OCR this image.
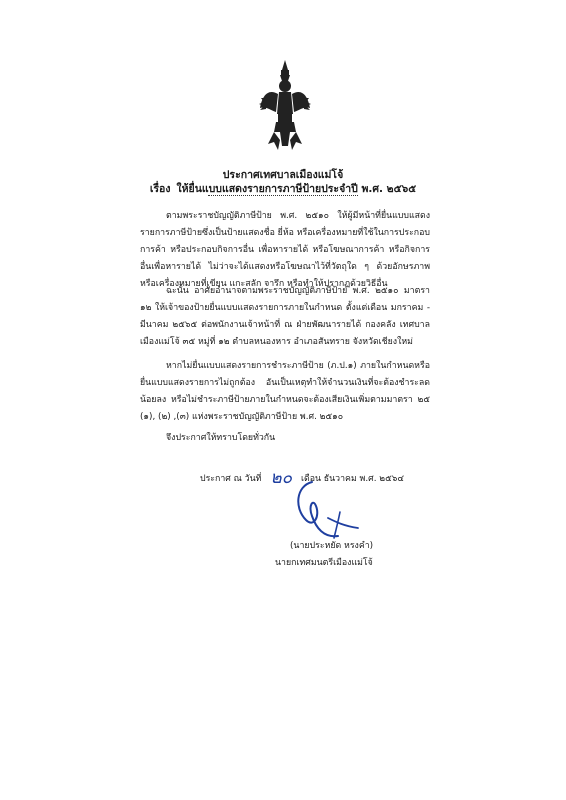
ประกาศเทศบาลเมืองแม่โจ้
เรื่อง ให้ยื่นแบบแสดงรายการภาษีป้ายประจำปี พ.ศ. ๒๕๖๕
ตามพระราชบัญญัติภาษีป้าย พ.ศ. ๒๕๑๐ ให้ผู้มีหน้าที่ยื่นแบบแสดงรายการภาษีป้ายซึ่งเป็นป้ายแสดงชื่อ ยี่ห้อ หรือเครื่องหมายที่ใช้ในการประกอบการค้า หรือประกอบกิจการอื่น เพื่อหารายได้ หรือโฆษณาการค้า หรือกิจการอื่นเพื่อหารายได้ ไม่ว่าจะได้แสดงหรือโฆษณาไว้ที่วัตถุใด ๆ ด้วยอักษรภาพ หรือเครื่องหมายที่เขียน แกะสลัก จารึก หรือทำให้ปรากฏด้วยวิธีอื่น
ฉะนั้น อาศัยอำนาจตามพระราชบัญญัติภาษีป้าย พ.ศ. ๒๕๑๐ มาตรา ๑๒ ให้เจ้าของป้ายยื่นแบบแสดงรายการภายในกำหนด ตั้งแต่เดือน มกราคม - มีนาคม ๒๕๖๕ ต่อพนักงานเจ้าหน้าที่ ณ ฝ่ายพัฒนารายได้ กองคลัง เทศบาลเมืองแม่โจ้ ๓๕ หมู่ที่ ๑๒ ตำบลหนองหาร อำเภอสันทราย จังหวัดเชียงใหม่
หากไม่ยื่นแบบแสดงรายการชำระภาษีป้าย (ภ.ป.๑) ภายในกำหนดหรือยื่นแบบแสดงรายการไม่ถูกต้อง อันเป็นเหตุทำให้จำนวนเงินที่จะต้องชำระลดน้อยลง หรือไม่ชำระภาษีป้ายภายในกำหนดจะต้องเสียเงินเพิ่มตามมาตรา ๒๕ (๑), (๒) ,(๓) แห่งพระราชบัญญัติภาษีป้าย พ.ศ. ๒๕๑๐
จึงประกาศให้ทราบโดยทั่วกัน
ประกาศ ณ วันที่ ๒๐ เดือน ธันวาคม พ.ศ. ๒๕๖๔
(นายประหยัด หรงคำ)
นายกเทศมนตรีเมืองแม่โจ้
